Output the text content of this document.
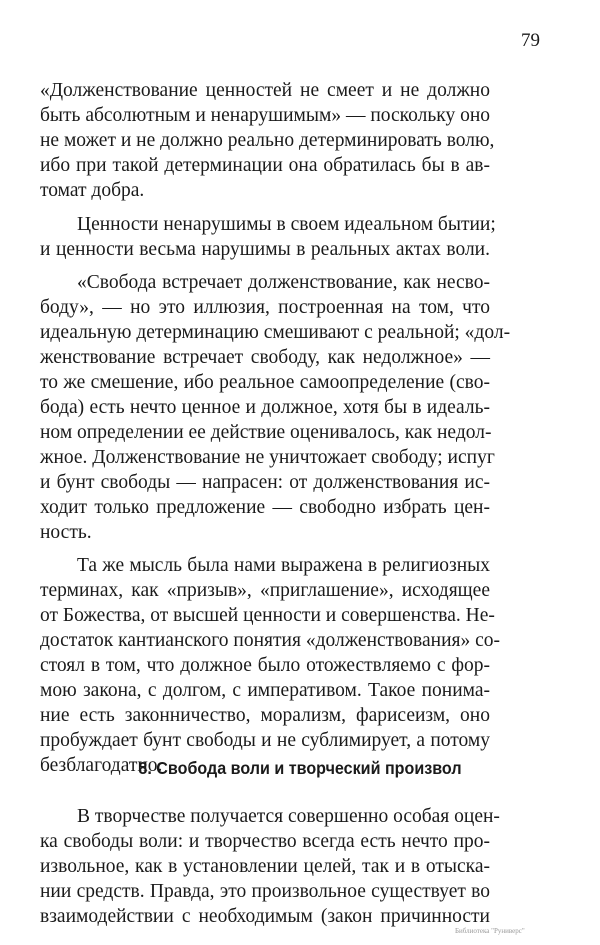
79
«Долженствование ценностей не смеет и не должно
быть абсолютным и ненарушимым» — поскольку оно
не может и не должно реально детерминировать волю,
ибо при такой детерминации она обратилась бы в ав-
томат добра.
Ценности ненарушимы в своем идеальном бытии;
и ценности весьма нарушимы в реальных актах воли.
«Свобода встречает долженствование, как несво-
боду», — но это иллюзия, построенная на том, что
идеальную детерминацию смешивают с реальной; «дол-
женствование встречает свободу, как недолжное» —
то же смешение, ибо реальное самоопределение (сво-
бода) есть нечто ценное и должное, хотя бы в идеаль-
ном определении ее действие оценивалось, как недол-
жное. Долженствование не уничтожает свободу; испуг
и бунт свободы — напрасен: от долженствования ис-
ходит только предложение — свободно избрать цен-
ность.
Та же мысль была нами выражена в религиозных
терминах, как «призыв», «приглашение», исходящее
от Божества, от высшей ценности и совершенства. Не-
достаток кантианского понятия «долженствования» со-
стоял в том, что должное было отожествляемо с фор-
мою закона, с долгом, с императивом. Такое понима-
ние есть законничество, морализм, фарисеизм, оно
пробуждает бунт свободы и не сублимирует, а потому
безблагодатно.
8. Свобода воли и творческий произвол
В творчестве получается совершенно особая оцен-
ка свободы воли: и творчество всегда есть нечто про-
извольное, как в установлении целей, так и в отыска-
нии средств. Правда, это произвольное существует во
взаимодействии с необходимым (закон причинности
Библиотека "Руниверс"
